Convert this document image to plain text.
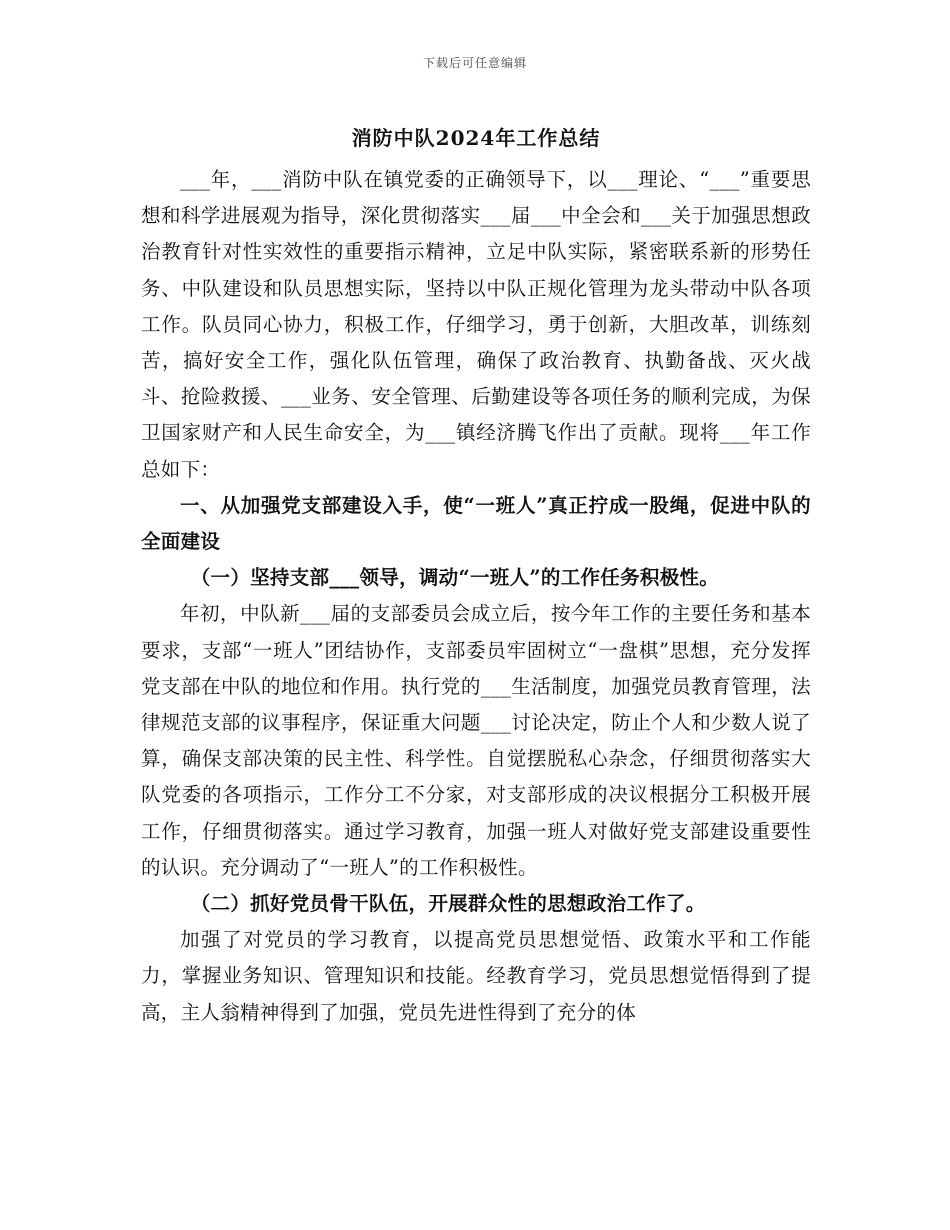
下载后可任意编辑
消防中队2024年工作总结

___年，___消防中队在镇党委的正确领导下，以___理论、“___”重要思想和科学进展观为指导，深化贯彻落实___届___中全会和___关于加强思想政治教育针对性实效性的重要指示精神，立足中队实际，紧密联系新的形势任务、中队建设和队员思想实际，坚持以中队正规化管理为龙头带动中队各项工作。队员同心协力，积极工作，仔细学习，勇于创新，大胆改革，训练刻苦，搞好安全工作，强化队伍管理，确保了政治教育、执勤备战、灭火战斗、抢险救援、___业务、安全管理、后勤建设等各项任务的顺利完成，为保卫国家财产和人民生命安全，为___镇经济腾飞作出了贡献。现将___年工作总如下：

一、从加强党支部建设入手，使“一班人”真正拧成一股绳，促进中队的全面建设

（一）坚持支部___领导，调动“一班人”的工作任务积极性。

年初，中队新___届的支部委员会成立后，按今年工作的主要任务和基本要求，支部“一班人”团结协作，支部委员牢固树立“一盘棋”思想，充分发挥党支部在中队的地位和作用。执行党的___生活制度，加强党员教育管理，法律规范支部的议事程序，保证重大问题___讨论决定，防止个人和少数人说了算，确保支部决策的民主性、科学性。自觉摆脱私心杂念，仔细贯彻落实大队党委的各项指示，工作分工不分家，对支部形成的决议根据分工积极开展工作，仔细贯彻落实。通过学习教育，加强一班人对做好党支部建设重要性的认识。充分调动了“一班人”的工作积极性。

（二）抓好党员骨干队伍，开展群众性的思想政治工作了。

加强了对党员的学习教育，以提高党员思想觉悟、政策水平和工作能力，掌握业务知识、管理知识和技能。经教育学习，党员思想觉悟得到了提高，主人翁精神得到了加强，党员先进性得到了充分的体
